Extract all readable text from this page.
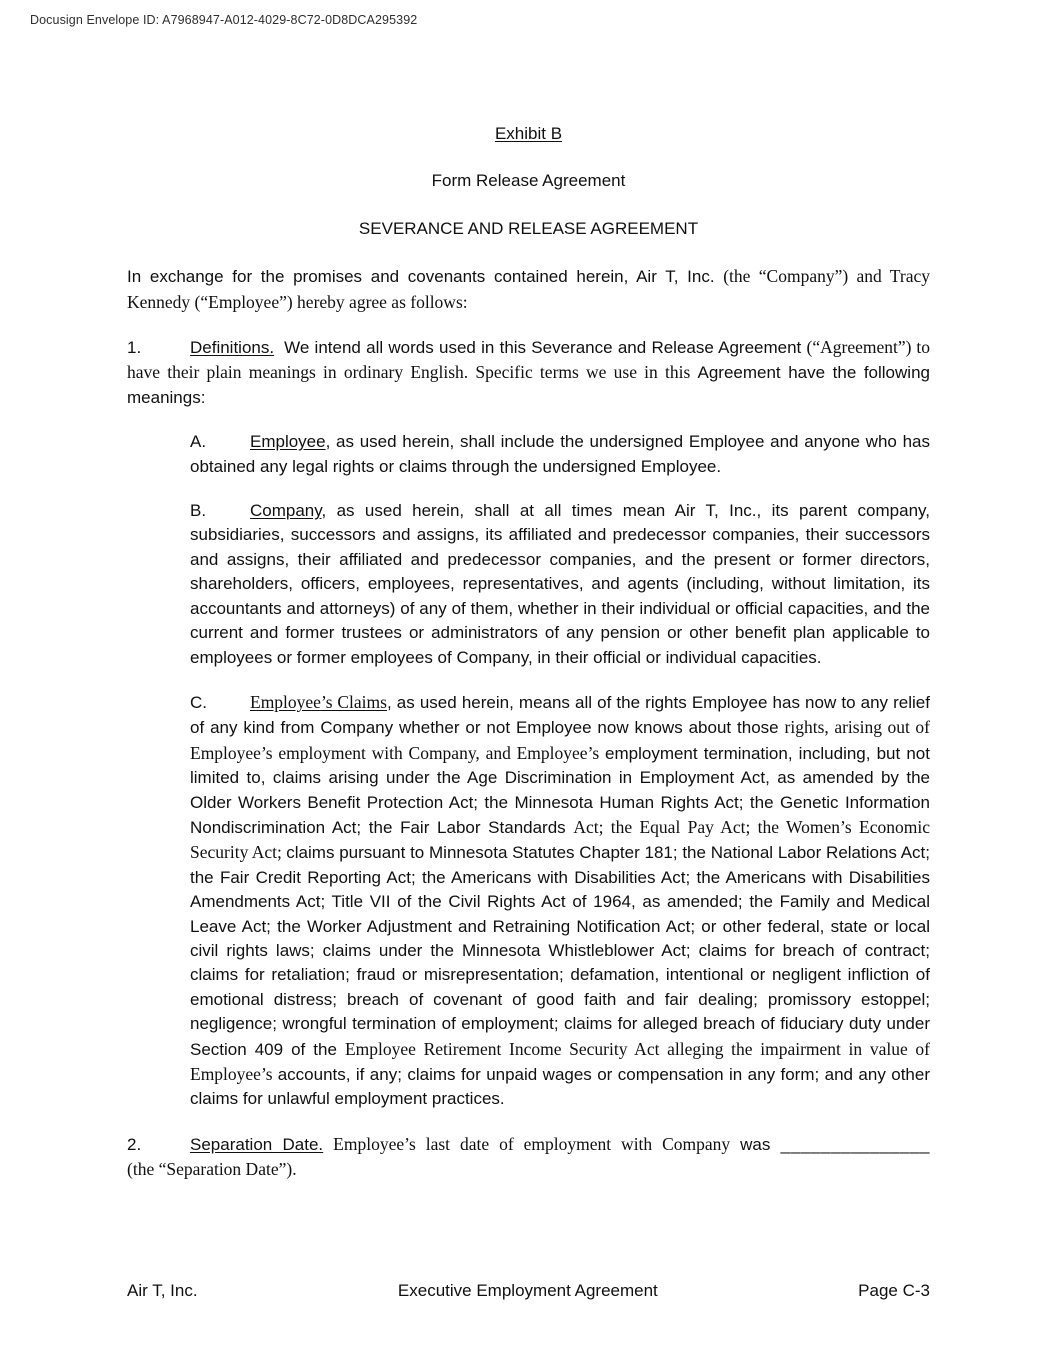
Docusign Envelope ID: A7968947-A012-4029-8C72-0D8DCA295392
Exhibit B
Form Release Agreement
SEVERANCE AND RELEASE AGREEMENT

In exchange for the promises and covenants contained herein, Air T, Inc. (the “Company”) and Tracy Kennedy (“Employee”) hereby agree as follows:

1.	Definitions. We intend all words used in this Severance and Release Agreement (“Agreement”) to have their plain meanings in ordinary English. Specific terms we use in this Agreement have the following meanings:

A.	Employee, as used herein, shall include the undersigned Employee and anyone who has obtained any legal rights or claims through the undersigned Employee.

B.	Company, as used herein, shall at all times mean Air T, Inc., its parent company, subsidiaries, successors and assigns, its affiliated and predecessor companies, their successors and assigns, their affiliated and predecessor companies, and the present or former directors, shareholders, officers, employees, representatives, and agents (including, without limitation, its accountants and attorneys) of any of them, whether in their individual or official capacities, and the current and former trustees or administrators of any pension or other benefit plan applicable to employees or former employees of Company, in their official or individual capacities.

C. Employee’s Claims, as used herein, means all of the rights Employee has now to any relief of any kind from Company whether or not Employee now knows about those rights, arising out of Employee’s employment with Company, and Employee’s employment termination, including, but not limited to, claims arising under the Age Discrimination in Employment Act, as amended by the Older Workers Benefit Protection Act; the Minnesota Human Rights Act; the Genetic Information Nondiscrimination Act; the Fair Labor Standards Act; the Equal Pay Act; the Women’s Economic Security Act; claims pursuant to Minnesota Statutes Chapter 181; the National Labor Relations Act; the Fair Credit Reporting Act; the Americans with Disabilities Act; the Americans with Disabilities Amendments Act; Title VII of the Civil Rights Act of 1964, as amended; the Family and Medical Leave Act; the Worker Adjustment and Retraining Notification Act; or other federal, state or local civil rights laws; claims under the Minnesota Whistleblower Act; claims for breach of contract; claims for retaliation; fraud or misrepresentation; defamation, intentional or negligent infliction of emotional distress; breach of covenant of good faith and fair dealing; promissory estoppel; negligence; wrongful termination of employment; claims for alleged breach of fiduciary duty under Section 409 of the Employee Retirement Income Security Act alleging the impairment in value of Employee’s accounts, if any; claims for unpaid wages or compensation in any form; and any other claims for unlawful employment practices.

2.	Separation Date. Employee’s last date of employment with Company was _______________ (the “Separation Date”).

Air T, Inc.	Executive Employment Agreement	Page C-3
